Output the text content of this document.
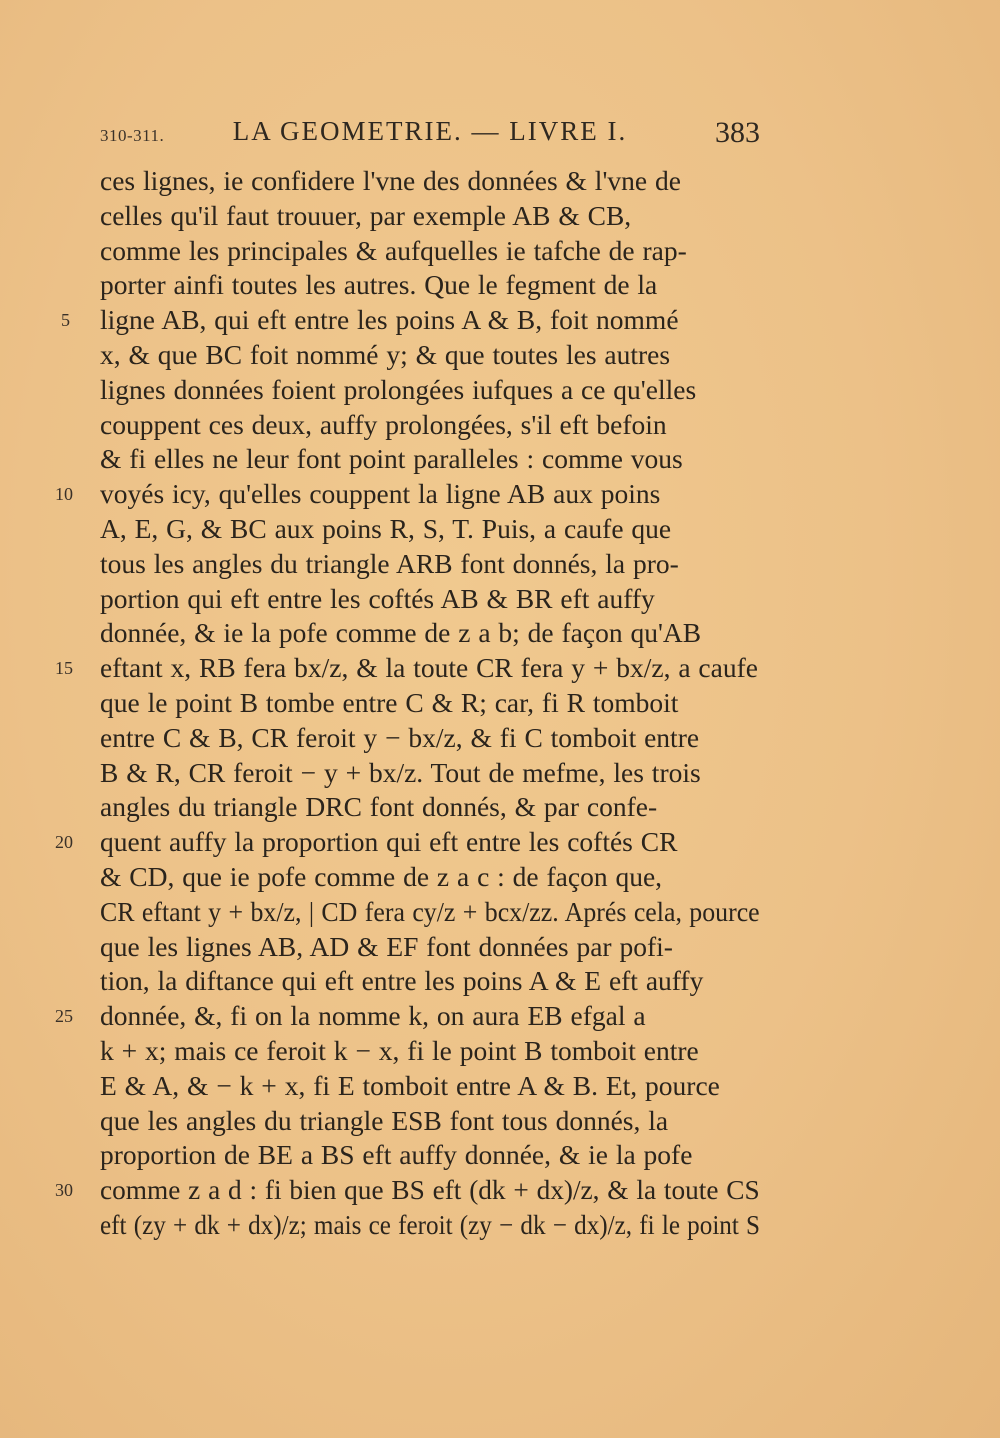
310-311.	LA GEOMETRIE. — LIVRE I.	383
ces lignes, ie confidere l'vne des données & l'vne de
celles qu'il faut trouuer, par exemple AB & CB,
comme les principales & aufquelles ie tafche de rap-
porter ainfi toutes les autres. Que le fegment de la
5 ligne AB, qui eft entre les poins A & B, foit nommé
x, & que BC foit nommé y; & que toutes les autres
lignes données foient prolongées iufques a ce qu'elles
couppent ces deux, auffy prolongées, s'il eft befoin
& fi elles ne leur font point paralleles : comme vous
10 voyés icy, qu'elles couppent la ligne AB aux poins
A, E, G, & BC aux poins R, S, T. Puis, a caufe que
tous les angles du triangle ARB font donnés, la pro-
portion qui eft entre les coftés AB & BR eft auffy
donnée, & ie la pofe comme de z a b; de façon qu'AB
15 eftant x, RB fera bx/z, & la toute CR fera y + bx/z, a caufe
que le point B tombe entre C & R; car, fi R tomboit
entre C & B, CR feroit y − bx/z, & fi C tomboit entre
B & R, CR feroit − y + bx/z. Tout de mefme, les trois
angles du triangle DRC font donnés, & par confe-
20 quent auffy la proportion qui eft entre les coftés CR
& CD, que ie pofe comme de z a c : de façon que,
CR eftant y + bx/z, | CD fera cy/z + bcx/zz. Aprés cela, pource
que les lignes AB, AD & EF font données par pofi-
tion, la diftance qui eft entre les poins A & E eft auffy
25 donnée, &, fi on la nomme k, on aura EB efgal a
k + x; mais ce feroit k − x, fi le point B tomboit entre
E & A, & − k + x, fi E tomboit entre A & B. Et, pource
que les angles du triangle ESB font tous donnés, la
proportion de BE a BS eft auffy donnée, & ie la pofe
30 comme z a d : fi bien que BS eft (dk + dx)/z, & la toute CS
eft (zy + dk + dx)/z; mais ce feroit (zy − dk − dx)/z, fi le point S
